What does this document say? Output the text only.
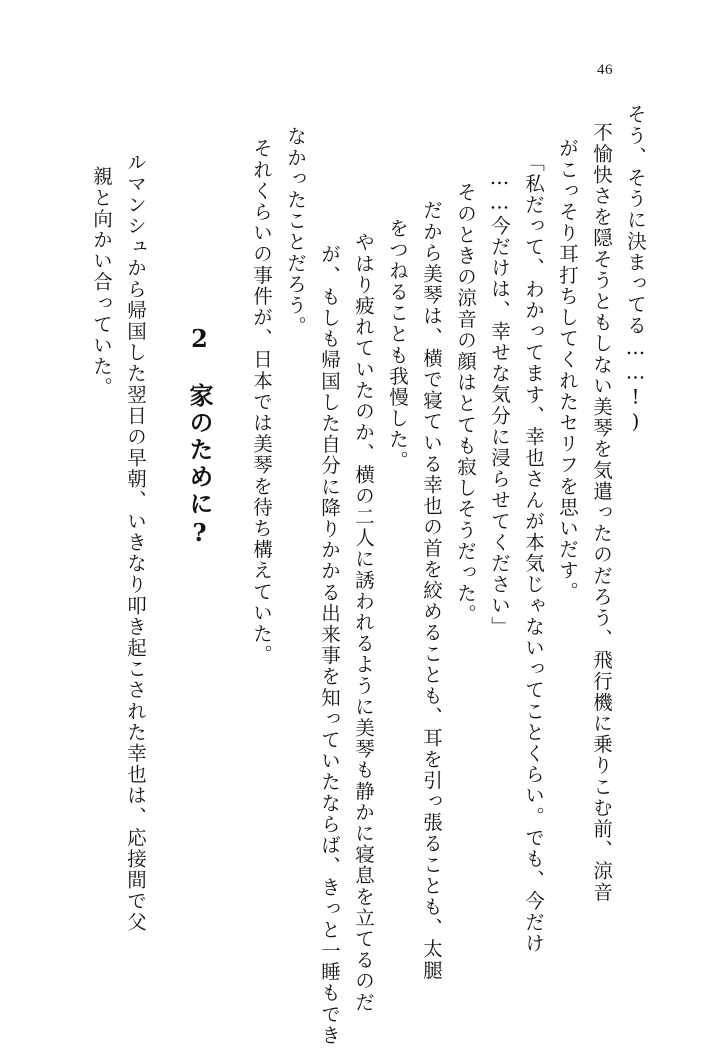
46
そう、そうに決まってる……!)
不愉快さを隠そうともしない美琴を気遣ったのだろう、飛行機に乗りこむ前、涼音
がこっそり耳打ちしてくれたセリフを思いだす。
「私だって、わかってます、幸也さんが本気じゃないってことくらい。でも、今だけ
……今だけは、幸せな気分に浸らせてください」
そのときの涼音の顔はとても寂しそうだった。
だから美琴は、横で寝ている幸也の首を絞めることも、耳を引っ張ることも、太腿
をつねることも我慢した。
やはり疲れていたのか、横の二人に誘われるように美琴も静かに寝息を立てるのだ
が、もしも帰国した自分に降りかかる出来事を知っていたならば、きっと一睡もでき
なかったことだろう。
それくらいの事件が、日本では美琴を待ち構えていた。
2　家のために?
ルマンシュから帰国した翌日の早朝、いきなり叩き起こされた幸也は、応接間で父
親と向かい合っていた。
